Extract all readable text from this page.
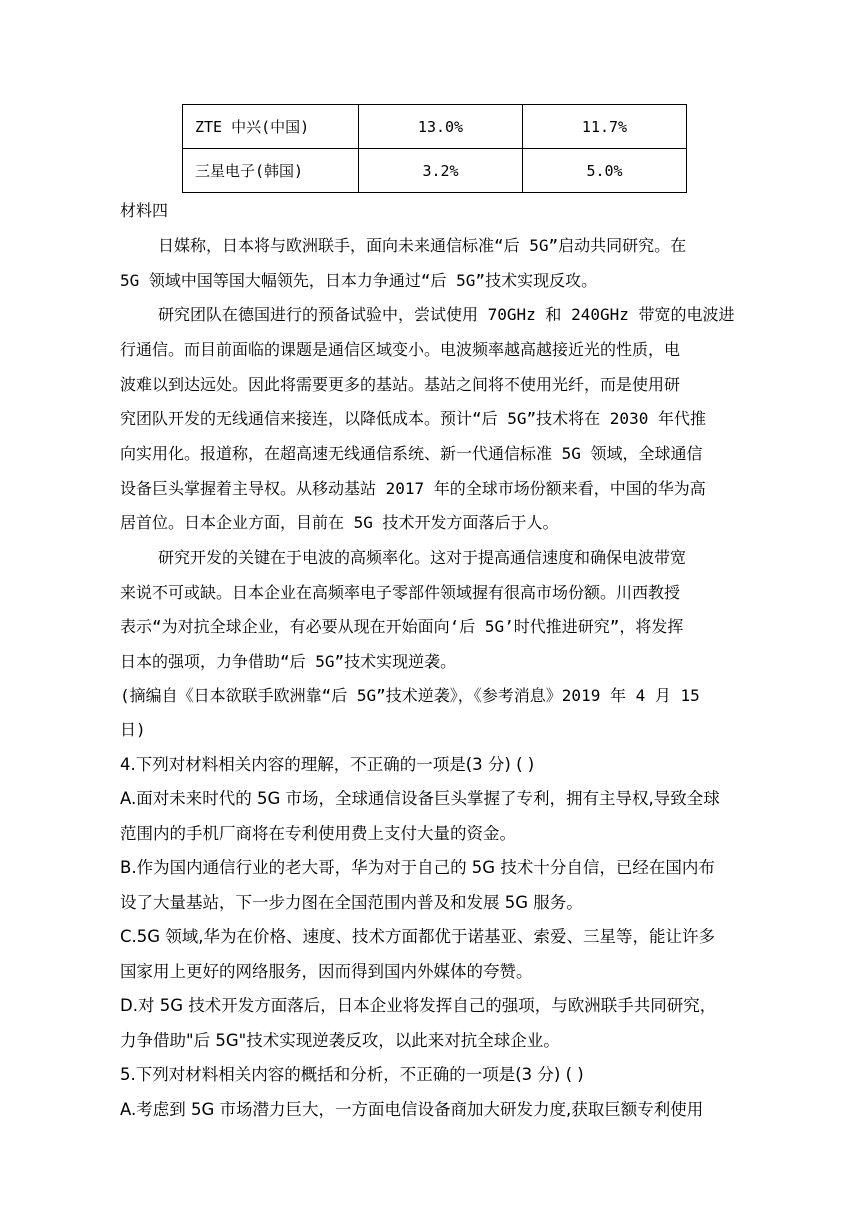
ZTE 中兴(中国)	13.0%	11.7%
三星电子(韩国)	3.2%	5.0%
材料四
日媒称，日本将与欧洲联手，面向未来通信标准“后 5G”启动共同研究。在
5G 领域中国等国大幅领先，日本力争通过“后 5G”技术实现反攻。
研究团队在德国进行的预备试验中，尝试使用 70GHz 和 240GHz 带宽的电波进
行通信。而目前面临的课题是通信区域变小。电波频率越高越接近光的性质，电
波难以到达远处。因此将需要更多的基站。基站之间将不使用光纤，而是使用研
究团队开发的无线通信来接连，以降低成本。预计“后 5G”技术将在 2030 年代推
向实用化。报道称，在超高速无线通信系统、新一代通信标准 5G 领域，全球通信
设备巨头掌握着主导权。从移动基站 2017 年的全球市场份额来看，中国的华为高
居首位。日本企业方面，目前在 5G 技术开发方面落后于人。
研究开发的关键在于电波的高频率化。这对于提高通信速度和确保电波带宽
来说不可或缺。日本企业在高频率电子零部件领域握有很高市场份额。川西教授
表示“为对抗全球企业，有必要从现在开始面向‘后 5G’时代推进研究”，将发挥
日本的强项，力争借助“后 5G”技术实现逆袭。
(摘编自《日本欲联手欧洲靠“后 5G”技术逆袭》，《参考消息》2019 年 4 月 15
日)
4.下列对材料相关内容的理解，不正确的一项是(3 分) ( )
A.面对未来时代的 5G 市场，全球通信设备巨头掌握了专利，拥有主导权,导致全球
范围内的手机厂商将在专利使用费上支付大量的资金。
B.作为国内通信行业的老大哥，华为对于自己的 5G 技术十分自信，已经在国内布
设了大量基站，下一步力图在全国范围内普及和发展 5G 服务。
C.5G 领域,华为在价格、速度、技术方面都优于诺基亚、索爱、三星等，能让许多
国家用上更好的网络服务，因而得到国内外媒体的夸赞。
D.对 5G 技术开发方面落后，日本企业将发挥自己的强项，与欧洲联手共同研究，
力争借助"后 5G"技术实现逆袭反攻，以此来对抗全球企业。
5.下列对材料相关内容的概括和分析，不正确的一项是(3 分) ( )
A.考虑到 5G 市场潜力巨大，一方面电信设备商加大研发力度,获取巨额专利使用
